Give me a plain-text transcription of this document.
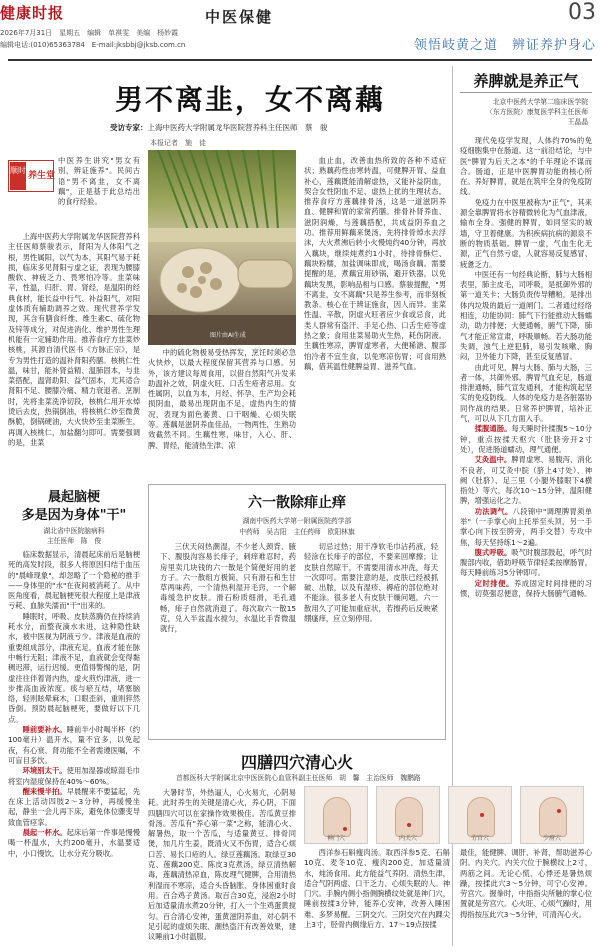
健康时报	中医保健	03
2026年7月31日　星期五　编辑　单祺雯　美编　杨妙霞
编辑电话:(010)65363784　E-mail:jksbbj@jksb.com.cn	领悟岐黄之道　辨证养护身心
男不离韭，女不离藕
受访专家：上海中医药大学附属龙华医院营养科主任医师　蔡　骏
本报记者　施　徒
顺时
养生堂
中医养生讲究"男女有别，辨证施养"。民间古语"男不离韭，女不离藕"，正是基于此总结出的食疗经验。

上海中医药大学附属龙华医院营养科主任医师蔡骏表示，肾阳为人体阳气之根，男性属阳，以气为本，其阳气易于耗损，临床多见肾阳亏虚之证，表现为腰膝酸软、神疲乏力、畏寒怕冷等。韭菜味辛，性温，归肝、胃、肾经，是温阳的经典食材，能长益中行气、补益阳气，对阳虚体质有辅助调养之效。现代营养学发现，其含有膳食纤维、维生素C、硫化物及锌等成分，对促进消化、维护男性生理机能有一定辅助作用。推荐食疗方韭菜炒核桃，其源自清代医书《方脉正宗》，是专为男性打造的温补肾阳药膳。核桃仁性温，味甘，能补肾益精、温肺固本，与韭菜搭配，温肾助阳、益气固本，尤其适合肾阳不足、腰膝冷痛、精力衰退者。烹制时，先将韭菜洗净切段，核桃仁用开水焯烫后去皮，热锅倒油，将核桃仁炒至微黄酥脆，倒锅硬油，大火快炒至韭菜断生，再调入核桃仁，加盐翻匀即可。需要强调的是，韭菜

图片由AI生成

中的硫化物极易受热挥发，烹饪时须必急火快炒，以最大程度保留其营养与口感。另外，该方建议每周食用，以借自然阳气升发来助温补之效，阴虚火旺、口舌生疮者忌用。女性属阴，以血为本，月经、怀孕、生产均会耗损阴血，最易出现阴血不足，虚热内生的情况，表现为面色萎黄、口干咽燥、心烦失眠等。莲藕是滋阴养血佳品，一物两性，生熟功效截然不同。生藕性寒，味甘，入心、肝、脾、胃经，能清热生津、凉

血止血，改善血热所致的各种不适症状；熟藕药性由寒转温，可健脾开胃、益血补心，莲藕既能清解虚热，又能补益阴血，契合女性阴血不足、虚热上扰的生理状态。推荐食疗方莲藕排骨汤，这是一道滋阴养血、健脾和胃的家常药膳。排骨补肾养血、滋阴润燥，与莲藕搭配，共成益阴养血之功。推荐用鲜藕来煲汤，先将排骨焯水去浮沫，大火煮沸后转小火慢炖约40分钟，再放入藕块，继续炖煮约1小时，待排骨酥烂、藕块粉糯，加盐调味即成，喝汤食藕。需要提醒的是，煮藕宜用砂锅，避开铁器，以免藕块发黑，影响品相与口感。蔡骏提醒，"男不离韭，女不离藕"只是养生参考，而非刻板教条。核心在于辨证施食，因人而异。韭菜性温、辛散，阴虚火旺者应少食或忌食，此类人群常有盗汗、手足心热、口舌生疮等虚热之象；食用韭菜易助火生热，耗伤阴液。生藕性寒凉，脾胃虚寒者，大便稀溏、腹部怕冷者不宜生食，以免寒凉伤胃；可食用熟藕，借其温性健脾益胃、滋养气血。

养脾就是养正气
北京中医药大学第二临床医学院
（东方医院）康复医学科主任医师
王晶晶

现代免疫学发现，人体约70%的免疫细胞集中在肠道。这一前沿结论，与中医"脾胃为后天之本"的千年理论不谋而合。肠道，正是中医脾胃功能的核心所在。养好脾胃，就是在筑牢全身的免疫防线。

免疫力在中医里被称为"正气"，其来源全靠脾胃将水谷精微转化为气血津液，输布全身。强健的脾胃，如同坚实的城墙，守卫着健康。为积疾病抗病的源泉不断的物质基础。脾胃一虚，气血生化无源，正气自然亏虚，人就容易反复感冒、疲惫乏力。

中医还有一句经典论断，肺与大肠相表里，肺主皮毛，司呼吸，是抵御外邪的第一道关卡；大肠负责传导糟粕，是排出体内垃圾的最后一道闸门。二者通过经络相连，功能协同：肺气下行能推动大肠蠕动，助力排便；大便通畅，腑气下降，肺气才能正常宣肃，呼吸顺畅。若大肠功能失调，浊气上逆犯肺，易引发咳嗽、胸闷，卫外能力下降，甚至反复感冒。

由此可见，脾与大肠、肺与大肠，三者一体，共御外邪。脾胃气血充足，肠道排泄通畅，肺气宣发通利，才能构筑起坚实的免疫防线。人体的免疫力是各脏器协同作战的结果。日常养护脾胃，培补正气，可以从下几方面入手。

揉腹通肠。每天睡时针揉腹5～10分钟，重点按揉天枢穴（肚脐旁开2寸处），促进肠道蠕动，理气通便。

艾灸温中。脾胃虚寒、易腹泻、消化不良者，可艾灸中脘（脐上4寸处）、神阙（肚脐）、足三里（小腿外膝眼下4横指处）等穴，每次10～15分钟，温阳健脾，增强运化之力。

功法调气。八段锦中"调理脾胃须单举"（一手掌心向上托举至头顶，另一手掌心向下按至胯旁，两手交替）专攻中焦，每天坚持练1～2遍。

腹式呼吸。吸气时腹部鼓起，呼气时腹部内收，借助呼吸节律轻柔按摩肠胃，每天睡前练习5分钟即可。

定时排便。养成固定时间排便的习惯，切莫强忍便意，保持大肠腑气通畅。

晨起脑梗
多是因为身体"干"
湖北省中医院脑病科
主任医师　陈　俊

临床数据显示，清晨起床前后是脑梗死的高发时段，很多人将原因归结于血压的"晨峰现象"，却忽略了一个隐秘的推手——身体里的"水"在夜间被消耗了。从中医角度看，晨起脑梗死很大程度上是津液亏耗、血脉失濡而"干"出来的。

睡眠时，呼吸、皮肤蒸腾仍在持续消耗水分，而整夜滴水未进，这种隐性缺水，被中医视为阴液亏少。津液是血液的重要组成部分，津液充足，血液才能在脉中畅行无阻；津液不足，血液就会变得黏稠迟滞，运行迟缓。更值得警惕的是，阴虚往往伴着肾内热，虚火煎灼津液，进一步推高血液浓度。痰与瘀互结，堵塞脑络，轻则眩晕麻木，口眼歪斜，重则猝然昏倒。预防晨起脑梗死，要做好以下几点。

睡前要补水。睡前半小时喝半杯（约100毫升）温开水，量不宜多，以免起夜，有心衰、肾功能不全者需遵医嘱，不可盲目多饮。

环境别太干。使用加湿器或晾湿毛巾将室内湿度保持在40%～60%。

醒来慢半拍。早晨醒来不要猛起，先在床上活动四肢2～3分钟，再缓慢坐起，静坐一会儿再下床，避免体位骤变导致血管痉挛。

晨起一杯水。起床后第一件事是慢慢喝一杯温水，大约200毫升，水温要适中，小口慢饮，让水分充分吸收。

六一散除痱止痒
湖南中医药大学第一附属医院药学部
中药师　吴吉阳　主任药师　欧阳林旗

三伏天闷热潮湿，不少老人颈背、腋下、腹股沟容易长痱子，刺痒难忍时，药房里卖几块钱的六一散是个简便好用的老方子。六一散组方极简，只有滑石和生甘草两味药，一个清热利湿开毛窍，一个解毒缓急护皮肤。滑石粉质细滑，毛孔通畅，痱子自然就消退了。每次取六一散15克，兑入半盆温水搅匀，水温比手背微温就行，

切忌过热；用干净软毛巾沾药液，轻轻涂在长痱子的部位，不要来回摩擦；让皮肤自然晾干，不需要用清水冲洗，每天一次即可。需要注意的是，皮肤已经被抓破、出脓，以及有湿疹、褥疮的部位绝对不能涂。很多老人有皮肤干燥问题，六一散用久了可能加重症状，若擦药后反映紧绷瘙痒，应立刻停用。

四膳四穴清心火
首都医科大学附属北京中医医院心血管科副主任医师　胡　馨　主治医师　魏鹏路

大暑时节，外热逼人，心火易亢，心阴易耗。此时养生的关键是清心火，养心阴，下面四膳四穴可以在家操作效果极佳。苦瓜黄豆排骨汤。苦瓜有"养心第一菜"之称，能清心火、解暑热，取一个苦瓜，与适量黄豆、排骨同煲，加几片生姜，既清火又不伤胃，适合心烦口苦、易长口疮的人。绿豆莲藕汤。取绿豆30克、莲藕200克、陈皮3克煮汤，绿豆清热解毒，莲藕清热凉血，陈皮理气健脾，合用清热利湿而不寒凉，适合头昏脑胀、身体困重时食用。百合鸡子黄汤。取百合30克，浸泡2小时后加适量清水煮20分钟，打入一个生鸡蛋黄搅匀。百合清心安神，蛋黄滋阴养血，对心阴不足引起的虚烦失眠、潮热盗汗有改善效果，建议睡前1小时温服。

神门穴	内关穴	劳宫穴	少府穴

西洋参石斛瘦肉汤。取西洋参5克、石斛10克、麦冬10克、瘦肉200克，加适量清水，炖汤食用。此方能益气养阴、清热生津，适合气阴两虚、口干乏力、心烦失眠的人。神门穴。手腕内侧小指侧腕横纹处就是神门穴，睡前按揉3分钟，能养心安神，改善入睡困难、多梦易醒。三阴交穴。三阴交穴在内踝尖上3寸，胫骨内侧缘后方。17～19点按揉

最佳，能健脾、调肝、补肾，帮助滋养心阴。内关穴。内关穴位于腕横纹上2寸，两筋之间。无论心慌、心悸还是暑热烦躁，按揉此穴3～5分钟，可宁心安神。劳宫穴。握拳时，中指指尖所触的掌心位置就是劳宫穴。心火旺、心烦气躁时，用拇指按压此穴3～5分钟，可清泻心火。
